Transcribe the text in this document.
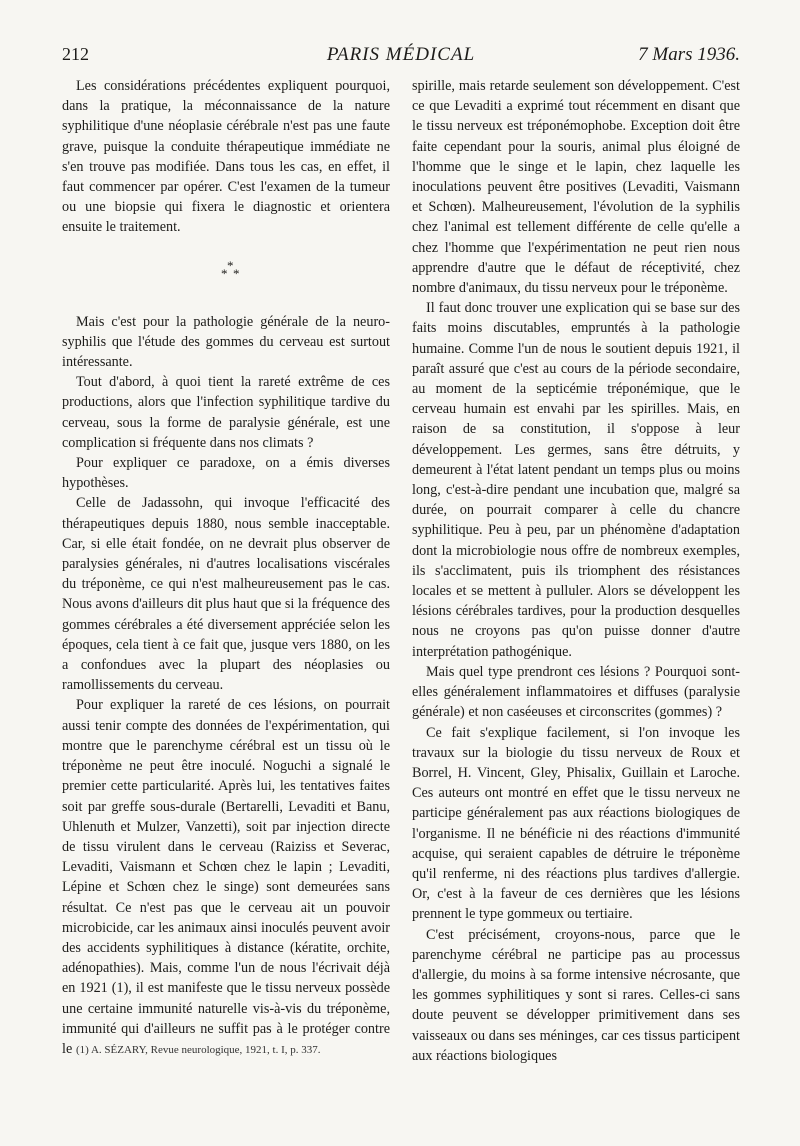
212	PARIS MÉDICAL	7 Mars 1936.

Les considérations précédentes expliquent pourquoi, dans la pratique, la méconnaissance de la nature syphilitique d'une néoplasie cérébrale n'est pas une faute grave, puisque la conduite thérapeutique immédiate ne s'en trouve pas modifiée. Dans tous les cas, en effet, il faut commencer par opérer. C'est l'examen de la tumeur ou une biopsie qui fixera le diagnostic et orientera ensuite le traitement.

*
*
*

Mais c'est pour la pathologie générale de la neuro-syphilis que l'étude des gommes du cerveau est surtout intéressante.

Tout d'abord, à quoi tient la rareté extrême de ces productions, alors que l'infection syphilitique tardive du cerveau, sous la forme de paralysie générale, est une complication si fréquente dans nos climats ?

Pour expliquer ce paradoxe, on a émis diverses hypothèses.

Celle de Jadassohn, qui invoque l'efficacité des thérapeutiques depuis 1880, nous semble inacceptable. Car, si elle était fondée, on ne devrait plus observer de paralysies générales, ni d'autres localisations viscérales du tréponème, ce qui n'est malheureusement pas le cas. Nous avons d'ailleurs dit plus haut que si la fréquence des gommes cérébrales a été diversement appréciée selon les époques, cela tient à ce fait que, jusque vers 1880, on les a confondues avec la plupart des néoplasies ou ramollissements du cerveau.

Pour expliquer la rareté de ces lésions, on pourrait aussi tenir compte des données de l'expérimentation, qui montre que le parenchyme cérébral est un tissu où le tréponème ne peut être inoculé. Noguchi a signalé le premier cette particularité. Après lui, les tentatives faites soit par greffe sous-durale (Bertarelli, Levaditi et Banu, Uhlenuth et Mulzer, Vanzetti), soit par injection directe de tissu virulent dans le cerveau (Raiziss et Severac, Levaditi, Vaismann et Schœn chez le lapin ; Levaditi, Lépine et Schœn chez le singe) sont demeurées sans résultat. Ce n'est pas que le cerveau ait un pouvoir microbicide, car les animaux ainsi inoculés peuvent avoir des accidents syphilitiques à distance (kératite, orchite, adénopathies). Mais, comme l'un de nous l'écrivait déjà en 1921 (1), il est manifeste que le tissu nerveux possède une certaine immunité naturelle vis-à-vis du tréponème, immunité qui d'ailleurs ne suffit pas à le protéger contre le

spirille, mais retarde seulement son développement. C'est ce que Levaditi a exprimé tout récemment en disant que le tissu nerveux est tréponémophobe. Exception doit être faite cependant pour la souris, animal plus éloigné de l'homme que le singe et le lapin, chez laquelle les inoculations peuvent être positives (Levaditi, Vaismann et Schœn). Malheureusement, l'évolution de la syphilis chez l'animal est tellement différente de celle qu'elle a chez l'homme que l'expérimentation ne peut rien nous apprendre d'autre que le défaut de réceptivité, chez nombre d'animaux, du tissu nerveux pour le tréponème.

Il faut donc trouver une explication qui se base sur des faits moins discutables, empruntés à la pathologie humaine. Comme l'un de nous le soutient depuis 1921, il paraît assuré que c'est au cours de la période secondaire, au moment de la septicémie tréponémique, que le cerveau humain est envahi par les spirilles. Mais, en raison de sa constitution, il s'oppose à leur développement. Les germes, sans être détruits, y demeurent à l'état latent pendant un temps plus ou moins long, c'est-à-dire pendant une incubation que, malgré sa durée, on pourrait comparer à celle du chancre syphilitique. Peu à peu, par un phénomène d'adaptation dont la microbiologie nous offre de nombreux exemples, ils s'acclimatent, puis ils triomphent des résistances locales et se mettent à pulluler. Alors se développent les lésions cérébrales tardives, pour la production desquelles nous ne croyons pas qu'on puisse donner d'autre interprétation pathogénique.

Mais quel type prendront ces lésions ? Pourquoi sont-elles généralement inflammatoires et diffuses (paralysie générale) et non caséeuses et circonscrites (gommes) ?

Ce fait s'explique facilement, si l'on invoque les travaux sur la biologie du tissu nerveux de Roux et Borrel, H. Vincent, Gley, Phisalix, Guillain et Laroche. Ces auteurs ont montré en effet que le tissu nerveux ne participe généralement pas aux réactions biologiques de l'organisme. Il ne bénéficie ni des réactions d'immunité acquise, qui seraient capables de détruire le tréponème qu'il renferme, ni des réactions plus tardives d'allergie. Or, c'est à la faveur de ces dernières que les lésions prennent le type gommeux ou tertiaire.

C'est précisément, croyons-nous, parce que le parenchyme cérébral ne participe pas au processus d'allergie, du moins à sa forme intensive nécrosante, que les gommes syphilitiques y sont si rares. Celles-ci sans doute peuvent se développer primitivement dans ses vaisseaux ou dans ses méninges, car ces tissus participent aux réactions biologiques

(1) A. SÉZARY, Revue neurologique, 1921, t. I, p. 337.
